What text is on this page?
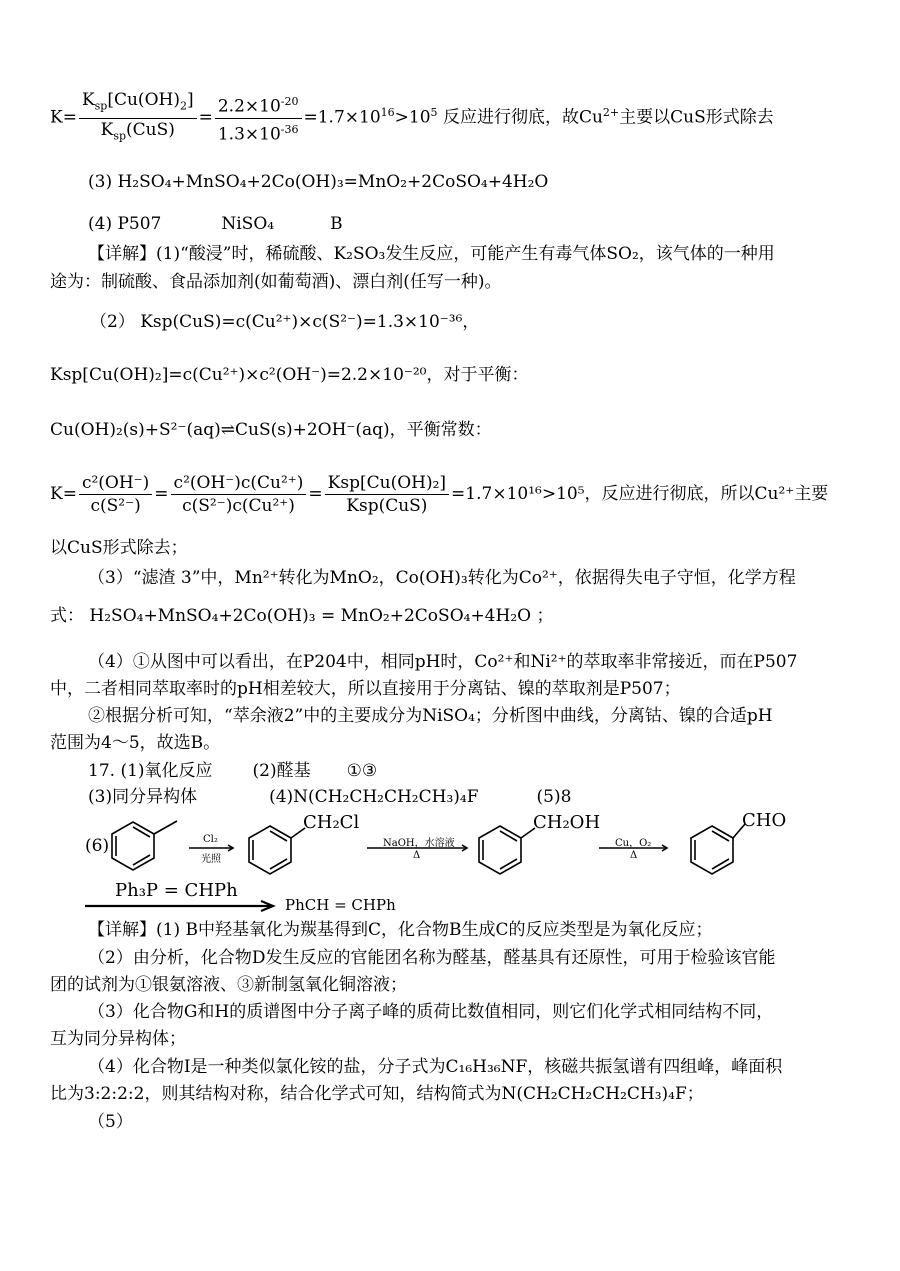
$K= \frac{K_{sp}[Cu(OH)_2]}{K_{sp}(CuS)} = \frac{2.2\times 10^{-20}}{1.3\times 10^{-36}} =1.7\times 10^{16}>10^5$ 反应进行彻底，故$Cu^{2+}$主要以CuS形式除去
(3) H₂SO₄+MnSO₄+2Co(OH)₃=MnO₂+2CoSO₄+4H₂O
(4) P507	NiSO₄	B
【详解】(1)“酸浸”时，稀硫酸、K₂SO₃发生反应，可能产生有毒气体SO₂，该气体的一种用
途为：制硫酸、食品添加剂(如葡萄酒)、漂白剂(任写一种)。
（2） Ksp(CuS)=c(Cu²⁺)×c(S²⁻)=1.3×10⁻³⁶，
Ksp[Cu(OH)₂]=c(Cu²⁺)×c²(OH⁻)=2.2×10⁻²⁰，对于平衡：
Cu(OH)₂(s)+S²⁻(aq)⇌CuS(s)+2OH⁻(aq)，平衡常数：
$K= \frac{\text{c²(OH⁻)}}{\text{c(S²⁻)}} = \frac{\text{c²(OH⁻)c(Cu²⁺)}}{\text{c(S²⁻)c(Cu²⁺)}} = \frac{\text{Ksp[Cu(OH)₂]}}{\text{Ksp(CuS)}} =1.7\times 10^{16}>10^5$，反应进行彻底，所以Cu²⁺主要
以CuS形式除去；
（3）“滤渣 3”中，Mn²⁺转化为MnO₂，Co(OH)₃转化为Co²⁺，依据得失电子守恒，化学方程
式： H₂SO₄+MnSO₄+2Co(OH)₃ = MnO₂+2CoSO₄+4H₂O ；
（4）①从图中可以看出，在P204中，相同pH时，Co²⁺和Ni²⁺的萃取率非常接近，而在P507
中，二者相同萃取率时的pH相差较大，所以直接用于分离钴、镍的萃取剂是P507；
②根据分析可知，“萃余液2”中的主要成分为NiSO₄；分析图中曲线，分离钴、镍的合适pH
范围为4～5，故选B。
17. (1)氧化反应 (2)醛基 ①③
(3)同分异构体	(4)N(CH₂CH₂CH₂CH₃)₄F	(5)8
(6)	Cl₂
光照
CH₂Cl
NaOH，水溶液
Δ
CH₂OH
Cu，O₂
Δ
CHO
Ph₃P = CHPh
PhCH = CHPh
【详解】(1) B中羟基氧化为羰基得到C，化合物B生成C的反应类型是为氧化反应；
（2）由分析，化合物D发生反应的官能团名称为醛基，醛基具有还原性，可用于检验该官能
团的试剂为①银氨溶液、③新制氢氧化铜溶液；
（3）化合物G和H的质谱图中分子离子峰的质荷比数值相同，则它们化学式相同结构不同，
互为同分异构体；
（4）化合物I是一种类似氯化铵的盐，分子式为C₁₆H₃₆NF，核磁共振氢谱有四组峰，峰面积
比为3:2:2:2，则其结构对称，结合化学式可知，结构简式为N(CH₂CH₂CH₂CH₃)₄F；
（5）
